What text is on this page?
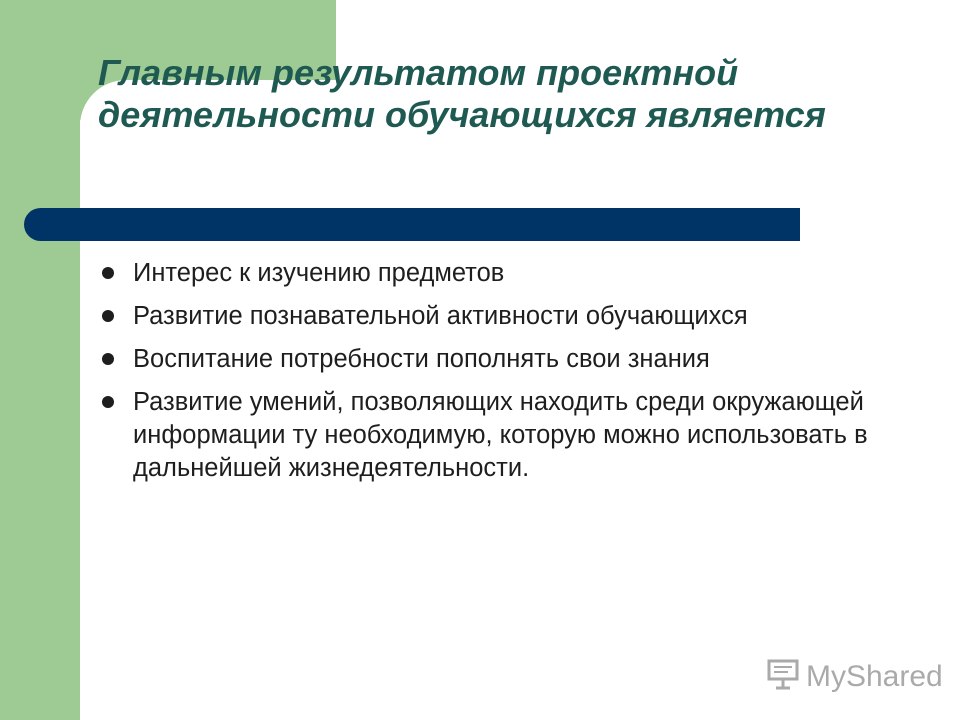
Главным результатом проектной деятельности обучающихся является
Интерес к изучению предметов
Развитие познавательной активности обучающихся
Воспитание потребности пополнять свои знания
Развитие умений, позволяющих находить среди окружающей информации ту необходимую, которую можно использовать в дальнейшей жизнедеятельности.
MyShared
